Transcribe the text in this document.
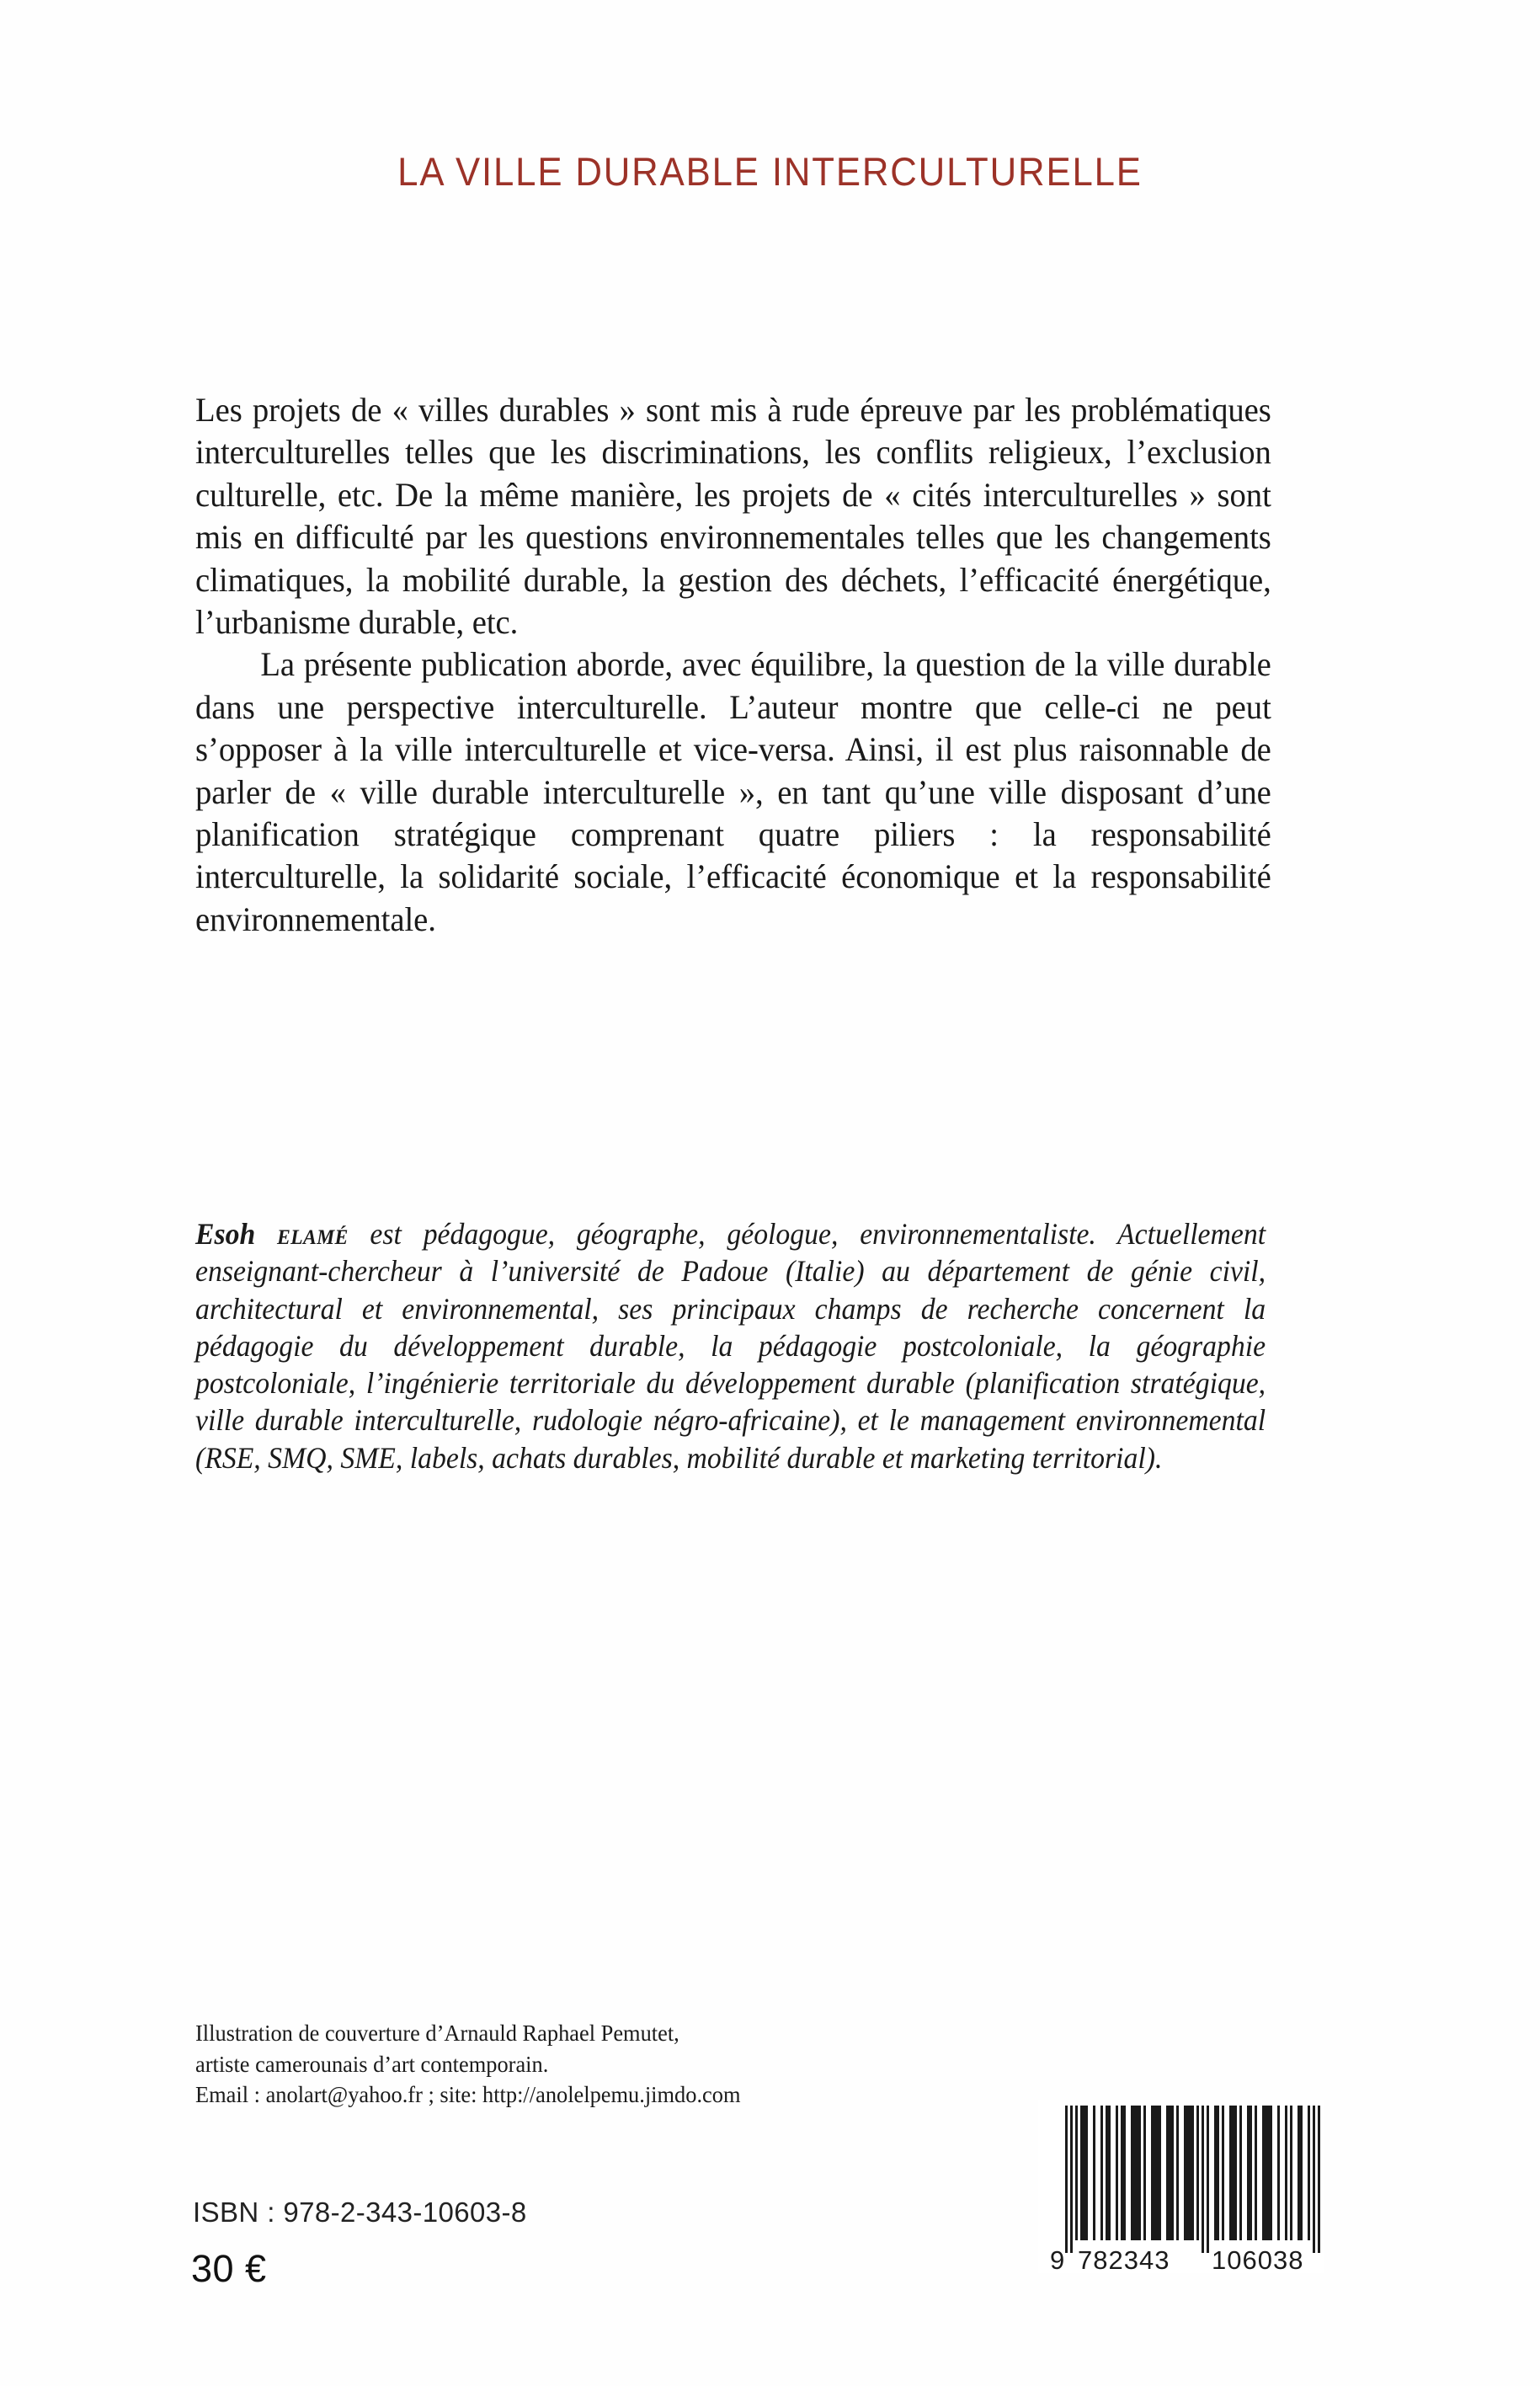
LA VILLE DURABLE INTERCULTURELLE

Les projets de « villes durables » sont mis à rude épreuve par les problématiques interculturelles telles que les discriminations, les conflits religieux, l’exclusion culturelle, etc. De la même manière, les projets de « cités interculturelles » sont mis en difficulté par les questions environnementales telles que les changements climatiques, la mobilité durable, la gestion des déchets, l’efficacité énergétique, l’urbanisme durable, etc.

La présente publication aborde, avec équilibre, la question de la ville durable dans une perspective interculturelle. L’auteur montre que celle-ci ne peut s’opposer à la ville interculturelle et vice-versa. Ainsi, il est plus raisonnable de parler de « ville durable interculturelle », en tant qu’une ville disposant d’une planification stratégique comprenant quatre piliers : la responsabilité interculturelle, la solidarité sociale, l’efficacité économique et la responsabilité environnementale.

Esoh elamé est pédagogue, géographe, géologue, environnementaliste. Actuellement enseignant-chercheur à l’université de Padoue (Italie) au département de génie civil, architectural et environnemental, ses principaux champs de recherche concernent la pédagogie du développement durable, la pédagogie postcoloniale, la géographie postcoloniale, l’ingénierie territoriale du développement durable (planification stratégique, ville durable interculturelle, rudologie négro-africaine), et le management environnemental (RSE, SMQ, SME, labels, achats durables, mobilité durable et marketing territorial).

Illustration de couverture d’Arnauld Raphael Pemutet,
artiste camerounais d’art contemporain.
Email : anolart@yahoo.fr ; site: http://anolelpemu.jimdo.com
ISBN : 978-2-343-10603-8
30 €	9 782343 106038
